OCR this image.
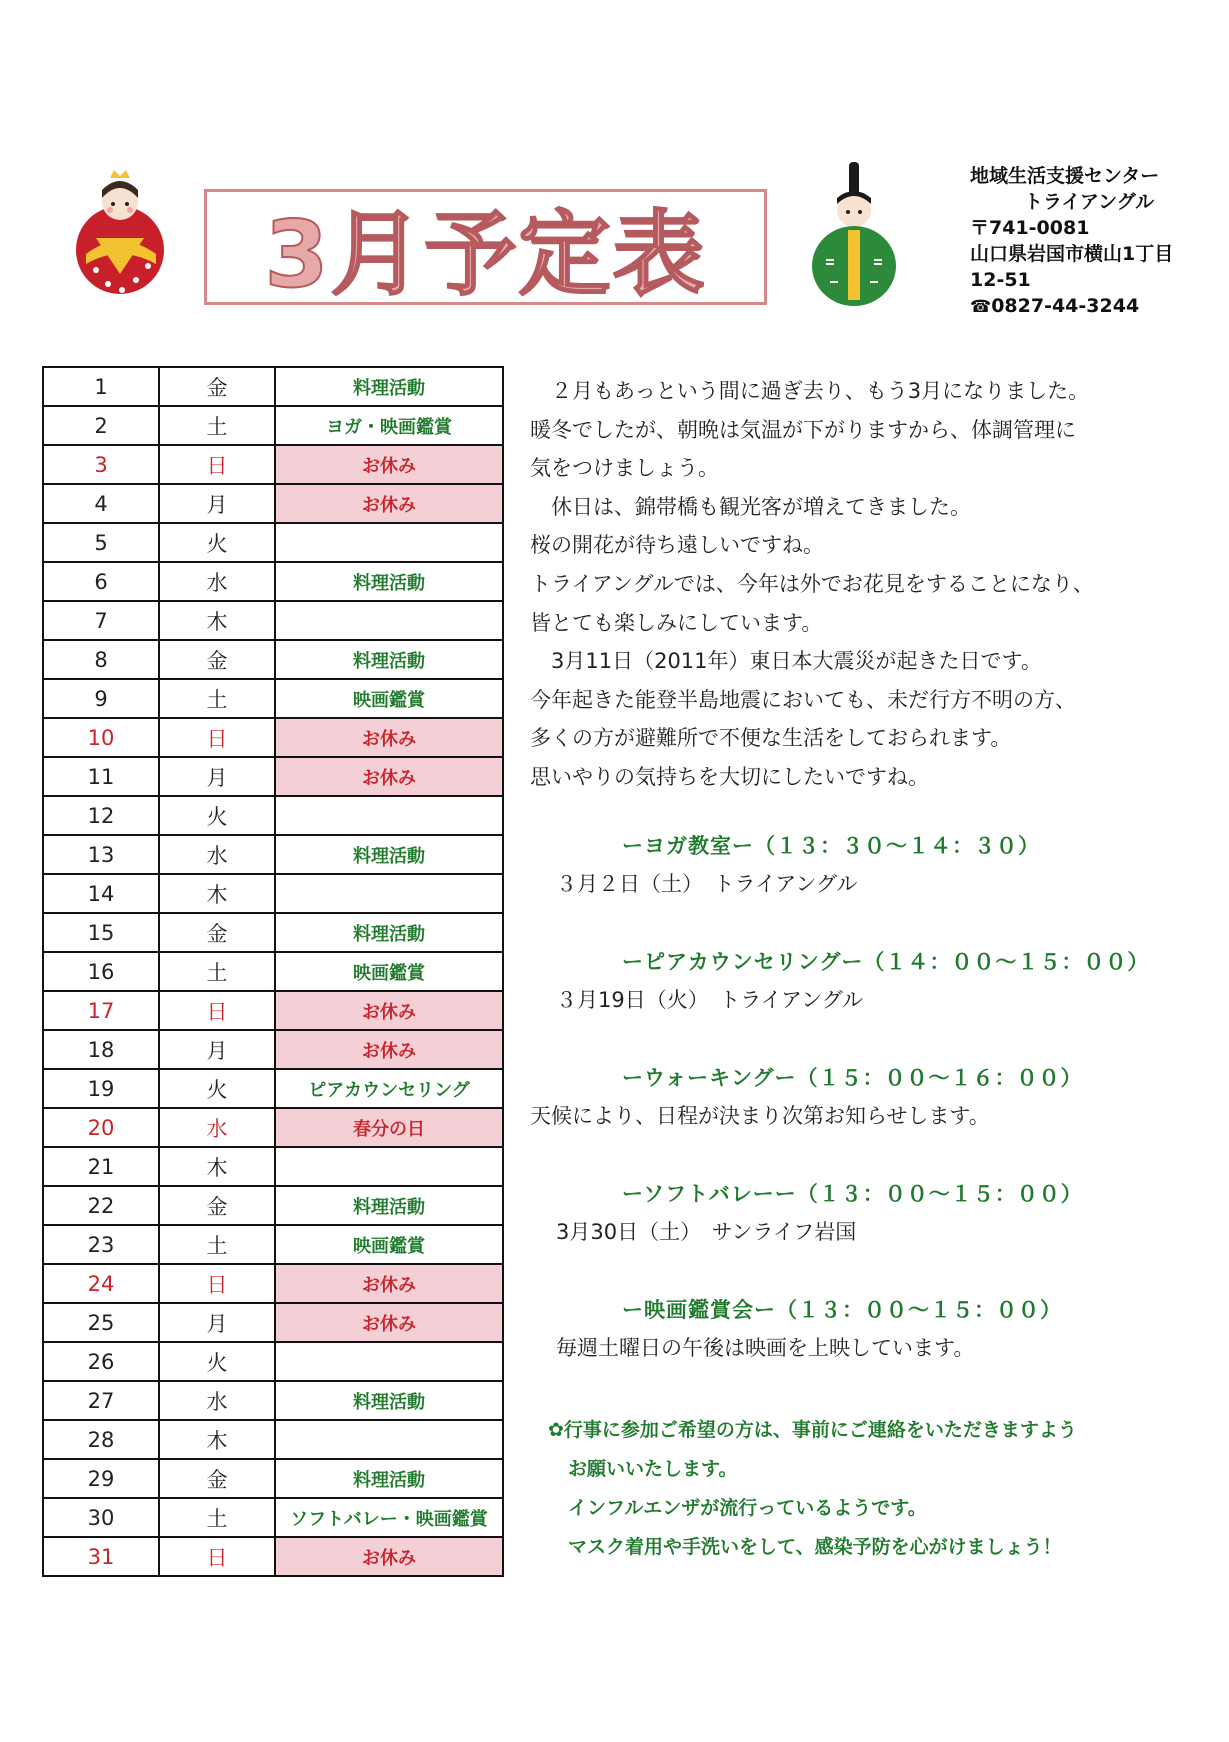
3月予定表
地域生活支援センター
トライアングル
〒741-0081
山口県岩国市横山1丁目
12-51
☎0827-44-3244
1	金	料理活動
2	土	ヨガ・映画鑑賞
3	日	お休み
4	月	お休み
5	火	
6	水	料理活動
7	木	
8	金	料理活動
9	土	映画鑑賞
10	日	お休み
11	月	お休み
12	火	
13	水	料理活動
14	木	
15	金	料理活動
16	土	映画鑑賞
17	日	お休み
18	月	お休み
19	火	ピアカウンセリング
20	水	春分の日
21	木	
22	金	料理活動
23	土	映画鑑賞
24	日	お休み
25	月	お休み
26	火	
27	水	料理活動
28	木	
29	金	料理活動
30	土	ソフトバレー・映画鑑賞
31	日	お休み

　２月もあっという間に過ぎ去り、もう3月になりました。

暖冬でしたが、朝晩は気温が下がりますから、体調管理に

気をつけましょう。

　休日は、錦帯橋も観光客が増えてきました。

桜の開花が待ち遠しいですね。

トライアングルでは、今年は外でお花見をすることになり、

皆とても楽しみにしています。

　3月11日（2011年）東日本大震災が起きた日です。

今年起きた能登半島地震においても、未だ行方不明の方、

多くの方が避難所で不便な生活をしておられます。

思いやりの気持ちを大切にしたいですね。

ーヨガ教室ー（１３：３０～１４：３０）

３月２日（土）　トライアングル

ーピアカウンセリングー（１４：００～１５：００）

３月19日（火）　トライアングル

ーウォーキングー（１５：００～１６：００）

天候により、日程が決まり次第お知らせします。

ーソフトバレーー（１３：００～１５：００）

3月30日（土）　サンライフ岩国

ー映画鑑賞会ー（１３：００～１５：００）

毎週土曜日の午後は映画を上映しています。

✿行事に参加ご希望の方は、事前にご連絡をいただきますよう

お願いいたします。

インフルエンザが流行っているようです。

マスク着用や手洗いをして、感染予防を心がけましょう！
